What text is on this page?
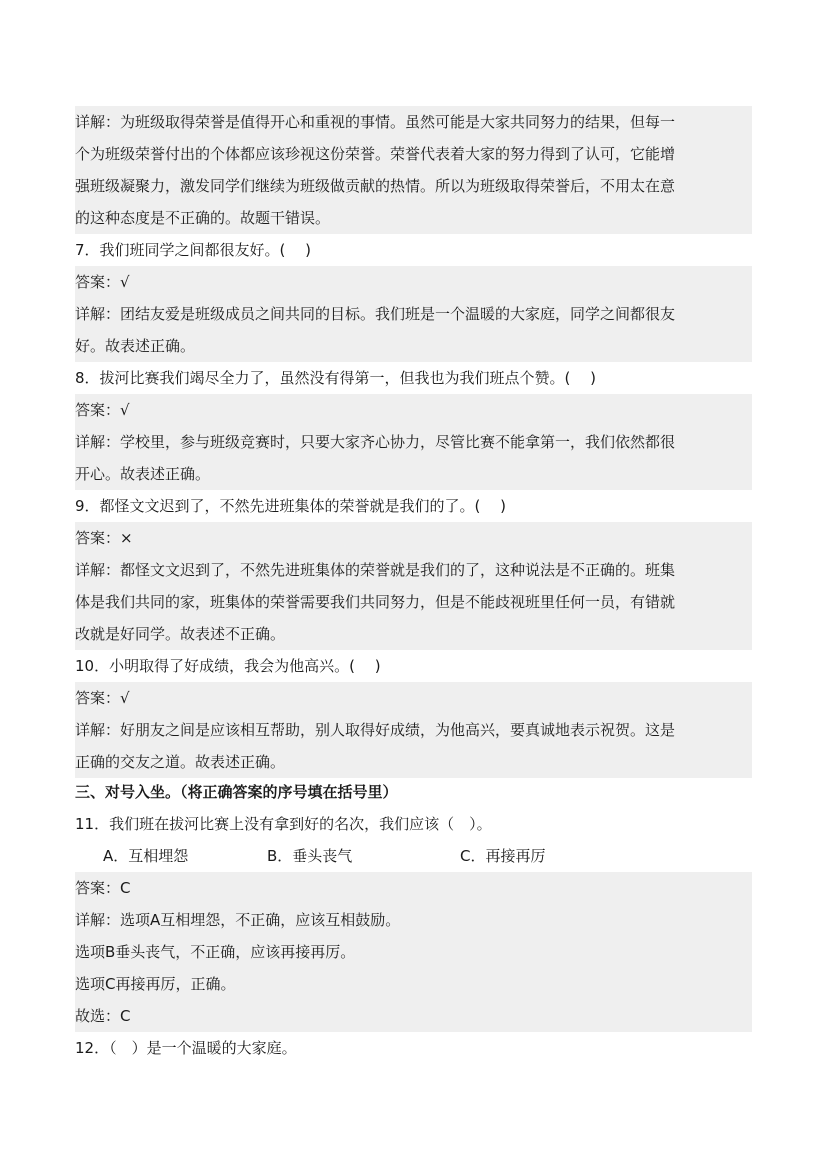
详解：为班级取得荣誉是值得开心和重视的事情。虽然可能是大家共同努力的结果，但每一
个为班级荣誉付出的个体都应该珍视这份荣誉。荣誉代表着大家的努力得到了认可，它能增
强班级凝聚力，激发同学们继续为班级做贡献的热情。所以为班级取得荣誉后，不用太在意
的这种态度是不正确的。故题干错误。
7．我们班同学之间都很友好。(　 )
答案：√
详解：团结友爱是班级成员之间共同的目标。我们班是一个温暖的大家庭，同学之间都很友
好。故表述正确。
8．拔河比赛我们竭尽全力了，虽然没有得第一，但我也为我们班点个赞。(　 )
答案：√
详解：学校里，参与班级竞赛时，只要大家齐心协力，尽管比赛不能拿第一，我们依然都很
开心。故表述正确。
9．都怪文文迟到了，不然先进班集体的荣誉就是我们的了。(　 )
答案：×
详解：都怪文文迟到了，不然先进班集体的荣誉就是我们的了，这种说法是不正确的。班集
体是我们共同的家，班集体的荣誉需要我们共同努力，但是不能歧视班里任何一员，有错就
改就是好同学。故表述不正确。
10．小明取得了好成绩，我会为他高兴。(　 )
答案：√
详解：好朋友之间是应该相互帮助，别人取得好成绩，为他高兴，要真诚地表示祝贺。这是
正确的交友之道。故表述正确。
三、对号入坐。（将正确答案的序号填在括号里）
11．我们班在拔河比赛上没有拿到好的名次，我们应该（　）。
A．互相埋怨	B．垂头丧气	C．再接再厉
答案：C
详解：选项A互相埋怨，不正确，应该互相鼓励。
选项B垂头丧气，不正确，应该再接再厉。
选项C再接再厉，正确。
故选：C
12．（　）是一个温暖的大家庭。
